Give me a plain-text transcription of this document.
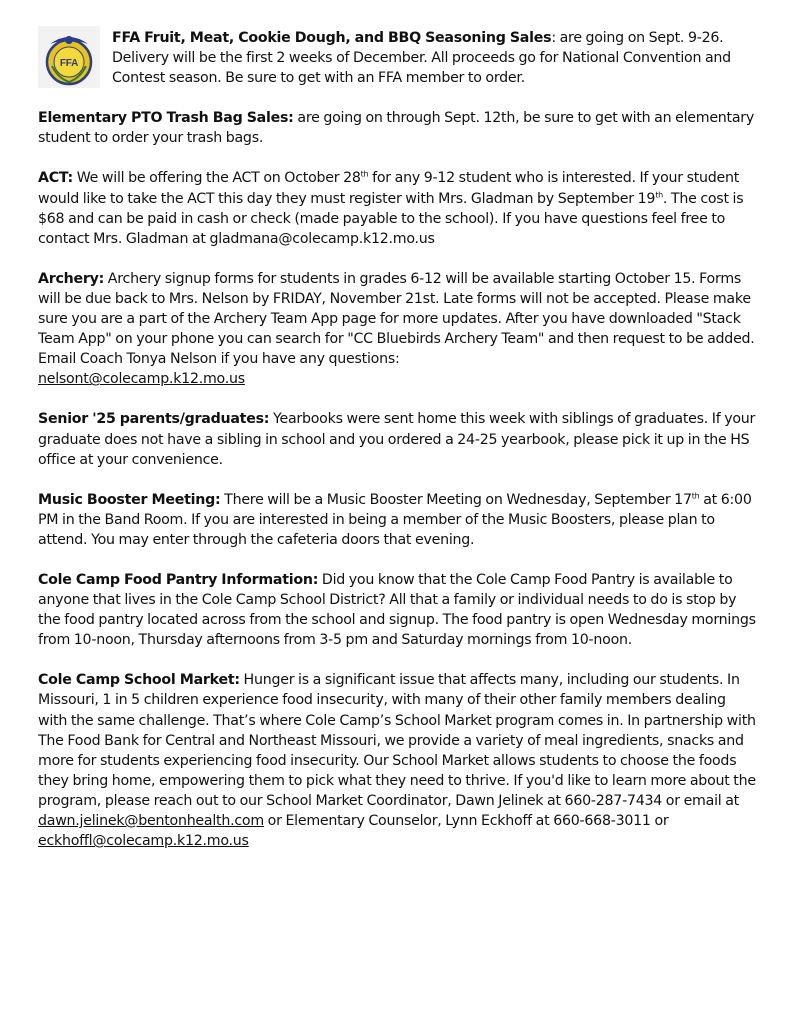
FFA
FFA Fruit, Meat, Cookie Dough, and BBQ Seasoning Sales: are going on Sept. 9-26. Delivery will be the first 2 weeks of December. All proceeds go for National Convention and Contest season. Be sure to get with an FFA member to order.

Elementary PTO Trash Bag Sales: are going on through Sept. 12th, be sure to get with an elementary student to order your trash bags.

ACT: We will be offering the ACT on October 28th for any 9-12 student who is interested. If your student would like to take the ACT this day they must register with Mrs. Gladman by September 19th. The cost is $68 and can be paid in cash or check (made payable to the school). If you have questions feel free to contact Mrs. Gladman at gladmana@colecamp.k12.mo.us

Archery: Archery signup forms for students in grades 6-12 will be available starting October 15. Forms will be due back to Mrs. Nelson by FRIDAY, November 21st. Late forms will not be accepted. Please make sure you are a part of the Archery Team App page for more updates. After you have downloaded "Stack Team App" on your phone you can search for "CC Bluebirds Archery Team" and then request to be added. Email Coach Tonya Nelson if you have any questions:
nelsont@colecamp.k12.mo.us

Senior '25 parents/graduates: Yearbooks were sent home this week with siblings of graduates. If your graduate does not have a sibling in school and you ordered a 24-25 yearbook, please pick it up in the HS office at your convenience.

Music Booster Meeting: There will be a Music Booster Meeting on Wednesday, September 17th at 6:00 PM in the Band Room. If you are interested in being a member of the Music Boosters, please plan to attend. You may enter through the cafeteria doors that evening.

Cole Camp Food Pantry Information: Did you know that the Cole Camp Food Pantry is available to anyone that lives in the Cole Camp School District? All that a family or individual needs to do is stop by the food pantry located across from the school and signup. The food pantry is open Wednesday mornings from 10-noon, Thursday afternoons from 3-5 pm and Saturday mornings from 10-noon.

Cole Camp School Market: Hunger is a significant issue that affects many, including our students. In Missouri, 1 in 5 children experience food insecurity, with many of their other family members dealing with the same challenge. That’s where Cole Camp’s School Market program comes in. In partnership with The Food Bank for Central and Northeast Missouri, we provide a variety of meal ingredients, snacks and more for students experiencing food insecurity. Our School Market allows students to choose the foods they bring home, empowering them to pick what they need to thrive. If you'd like to learn more about the program, please reach out to our School Market Coordinator, Dawn Jelinek at 660-287-7434 or email at dawn.jelinek@bentonhealth.com or Elementary Counselor, Lynn Eckhoff at 660-668-3011 or eckhoffl@colecamp.k12.mo.us
